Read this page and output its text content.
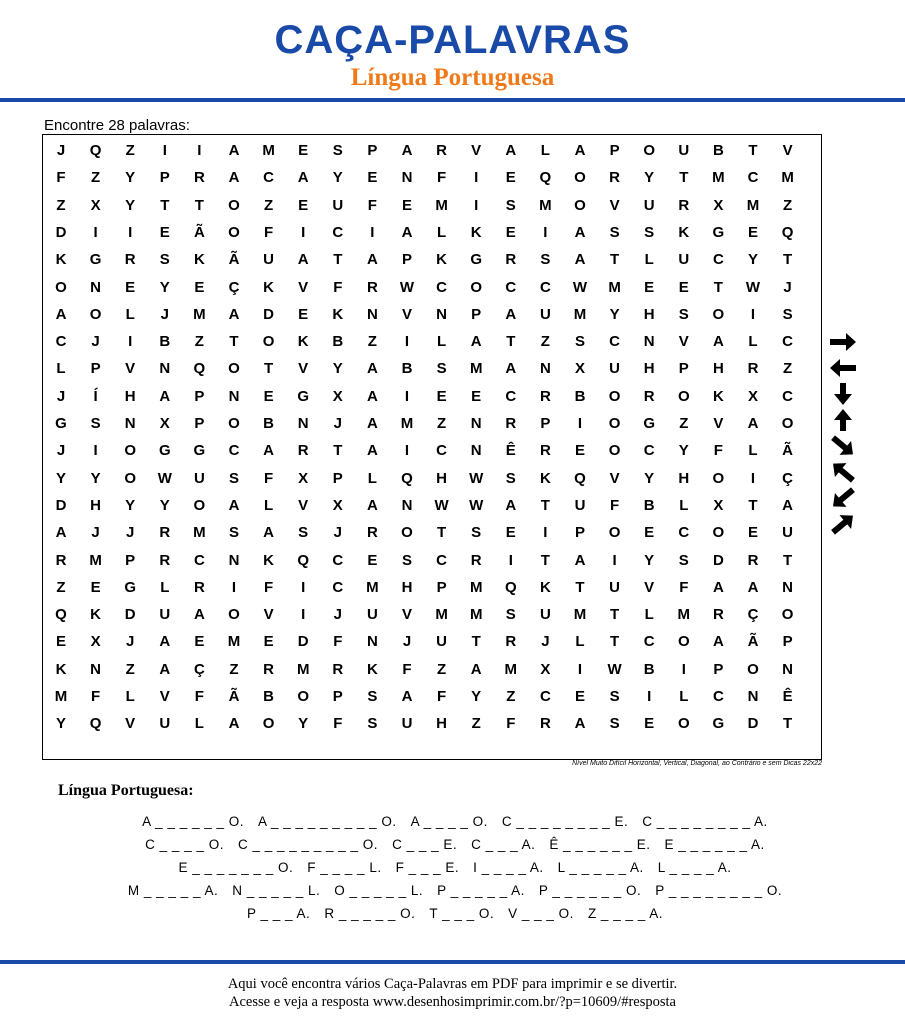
CAÇA-PALAVRAS
Língua Portuguesa
Encontre 28 palavras:
J	Q	Z	I	I	A	M	E	S	P	A	R	V	A	L	A	P	O	U	B	T	V
F	Z	Y	P	R	A	C	A	Y	E	N	F	I	E	Q	O	R	Y	T	M	C	M
Z	X	Y	T	T	O	Z	E	U	F	E	M	I	S	M	O	V	U	R	X	M	Z
D	I	I	E	Ã	O	F	I	C	I	A	L	K	E	I	A	S	S	K	G	E	Q
K	G	R	S	K	Ã	U	A	T	A	P	K	G	R	S	A	T	L	U	C	Y	T
O	N	E	Y	E	Ç	K	V	F	R	W	C	O	C	C	W	M	E	E	T	W	J
A	O	L	J	M	A	D	E	K	N	V	N	P	A	U	M	Y	H	S	O	I	S
C	J	I	B	Z	T	O	K	B	Z	I	L	A	T	Z	S	C	N	V	A	L	C
L	P	V	N	Q	O	T	V	Y	A	B	S	M	A	N	X	U	H	P	H	R	Z
J	Í	H	A	P	N	E	G	X	A	I	E	E	C	R	B	O	R	O	K	X	C
G	S	N	X	P	O	B	N	J	A	M	Z	N	R	P	I	O	G	Z	V	A	O
J	I	O	G	G	C	A	R	T	A	I	C	N	Ê	R	E	O	C	Y	F	L	Ã
Y	Y	O	W	U	S	F	X	P	L	Q	H	W	S	K	Q	V	Y	H	O	I	Ç
D	H	Y	Y	O	A	L	V	X	A	N	W	W	A	T	U	F	B	L	X	T	A
A	J	J	R	M	S	A	S	J	R	O	T	S	E	I	P	O	E	C	O	E	U
R	M	P	R	C	N	K	Q	C	E	S	C	R	I	T	A	I	Y	S	D	R	T
Z	E	G	L	R	I	F	I	C	M	H	P	M	Q	K	T	U	V	F	A	A	N
Q	K	D	U	A	O	V	I	J	U	V	M	M	S	U	M	T	L	M	R	Ç	O
E	X	J	A	E	M	E	D	F	N	J	U	T	R	J	L	T	C	O	A	Ã	P
K	N	Z	A	Ç	Z	R	M	R	K	F	Z	A	M	X	I	W	B	I	P	O	N
M	F	L	V	F	Ã	B	O	P	S	A	F	Y	Z	C	E	S	I	L	C	N	Ê
Y	Q	V	U	L	A	O	Y	F	S	U	H	Z	F	R	A	S	E	O	G	D	T
Nível Muito Difícil Horizontal, Vertical, Diagonal, ao Contrário e sem Dicas 22x22
Língua Portuguesa:
A _ _ _ _ _ _ O. A _ _ _ _ _ _ _ _ _ O. A _ _ _ _ O. C _ _ _ _ _ _ _ _ E. C _ _ _ _ _ _ _ _ A.
C _ _ _ _ O. C _ _ _ _ _ _ _ _ _ O. C _ _ _ E. C _ _ _ A. Ê _ _ _ _ _ _ E. E _ _ _ _ _ _ A.
E _ _ _ _ _ _ _ O. F _ _ _ _ L. F _ _ _ E. I _ _ _ _ A. L _ _ _ _ _ A. L _ _ _ _ A.
M _ _ _ _ _ A. N _ _ _ _ _ L. O _ _ _ _ _ L. P _ _ _ _ _ A. P _ _ _ _ _ _ O. P _ _ _ _ _ _ _ _ O.
P _ _ _ A. R _ _ _ _ _ O. T _ _ _ O. V _ _ _ O. Z _ _ _ _ A.
Aqui você encontra vários Caça-Palavras em PDF para imprimir e se divertir.
Acesse e veja a resposta www.desenhosimprimir.com.br/?p=10609/#resposta
